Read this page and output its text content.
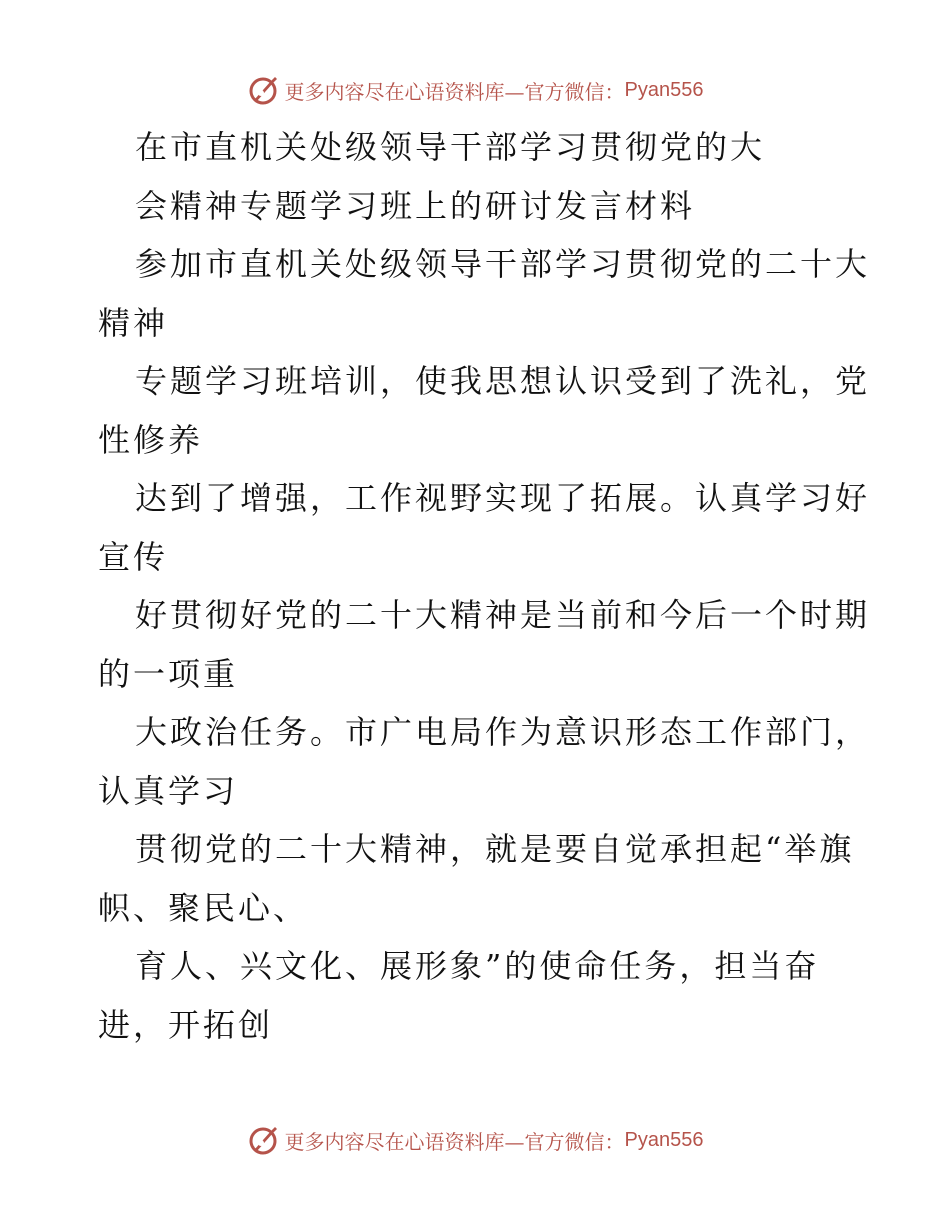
更多内容尽在心语资料库—官方微信： Pyan556
在市直机关处级领导干部学习贯彻党的大
会精神专题学习班上的研讨发言材料
参加市直机关处级领导干部学习贯彻党的二十大
精神
专题学习班培训，使我思想认识受到了洗礼，党
性修养
达到了增强，工作视野实现了拓展。认真学习好
宣传
好贯彻好党的二十大精神是当前和今后一个时期
的一项重
大政治任务。市广电局作为意识形态工作部门，
认真学习
贯彻党的二十大精神，就是要自觉承担起“举旗
帜、聚民心、
育人、兴文化、展形象”的使命任务，担当奋
进，开拓创
更多内容尽在心语资料库—官方微信： Pyan556
